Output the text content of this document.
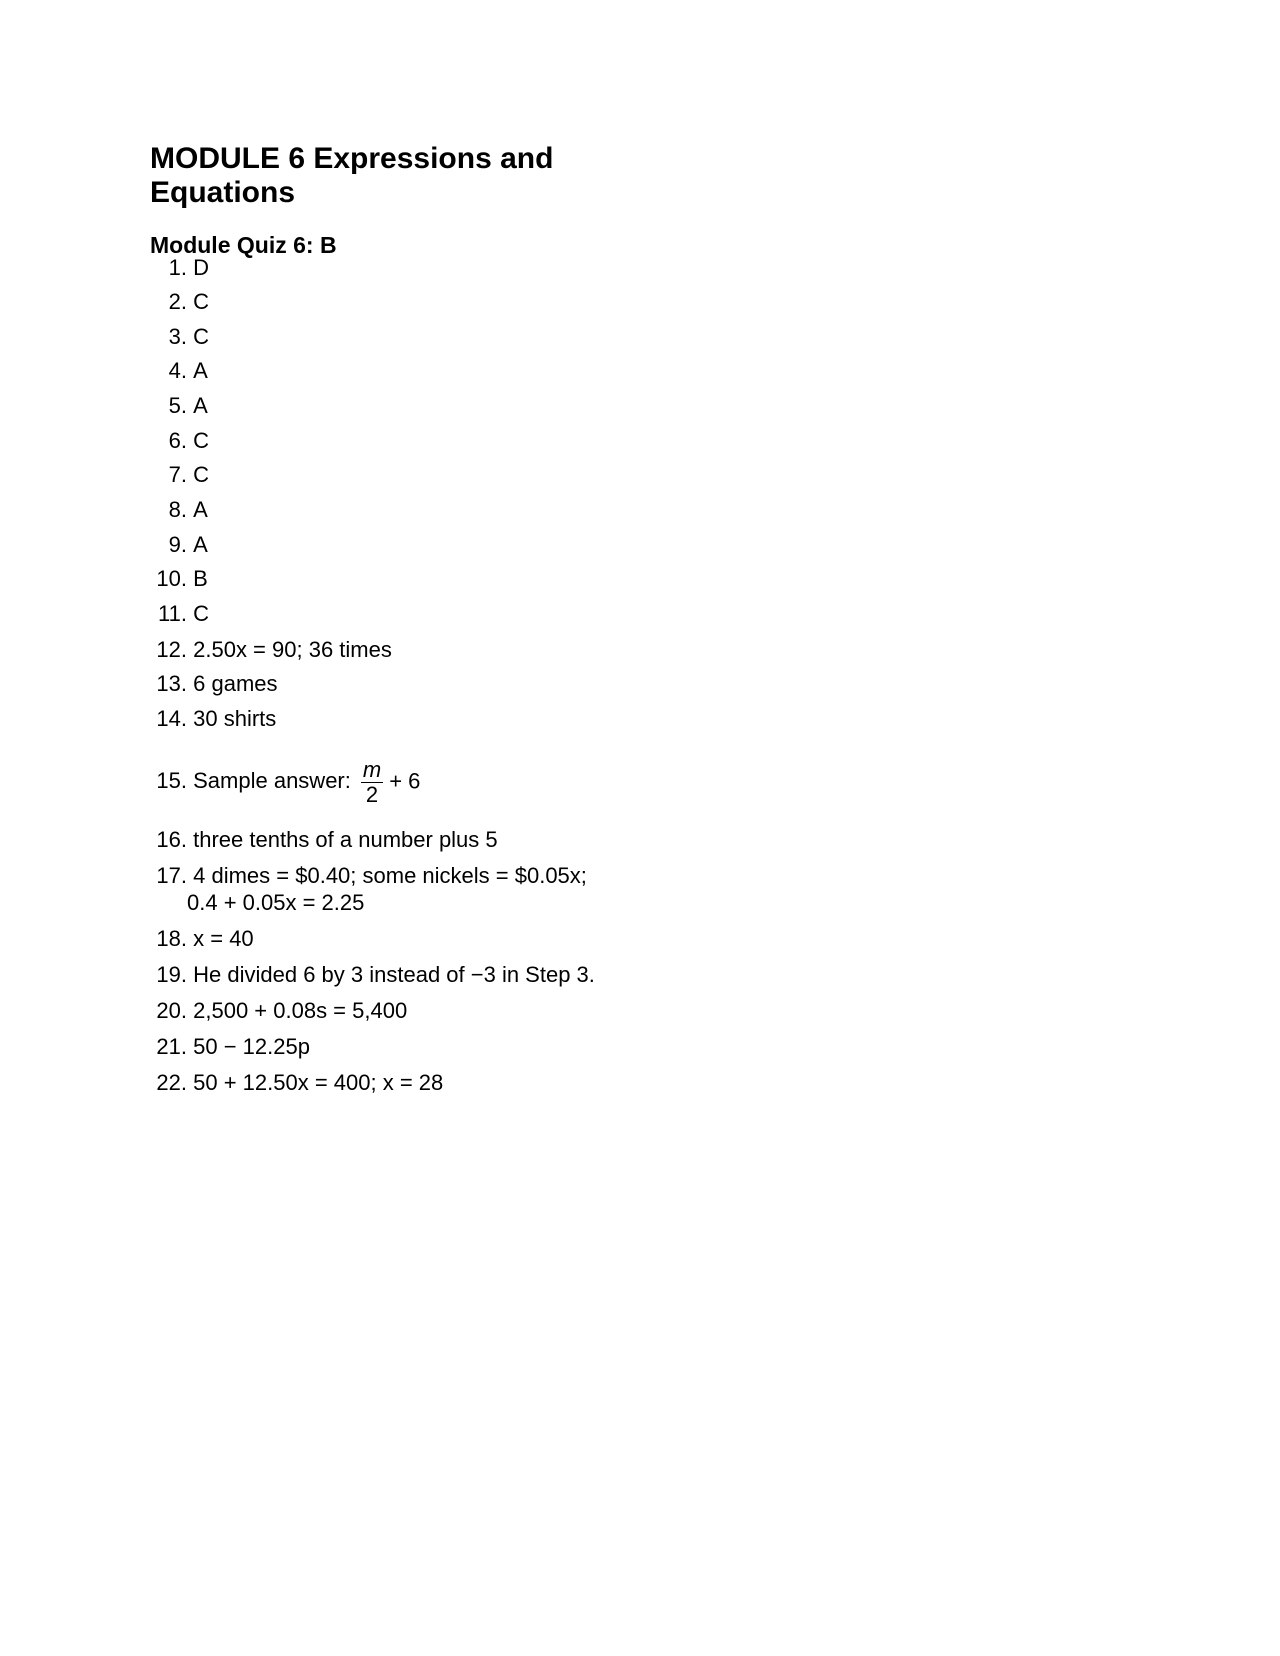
MODULE 6 Expressions and Equations
Module Quiz 6: B
1. D
2. C
3. C
4. A
5. A
6. C
7. C
8. A
9. A
10. B
11. C
12. 2.50x = 90; 36 times
13. 6 games
14. 30 shirts
15. Sample answer: $\frac{m}{2} + 6$
16. three tenths of a number plus 5
17. 4 dimes = $0.40; some nickels = $0.05x;
0.4 + 0.05x = 2.25
18. x = 40
19. He divided 6 by 3 instead of −3 in Step 3.
20. 2,500 + 0.08s = 5,400
21. 50 − 12.25p
22. 50 + 12.50x = 400; x = 28
